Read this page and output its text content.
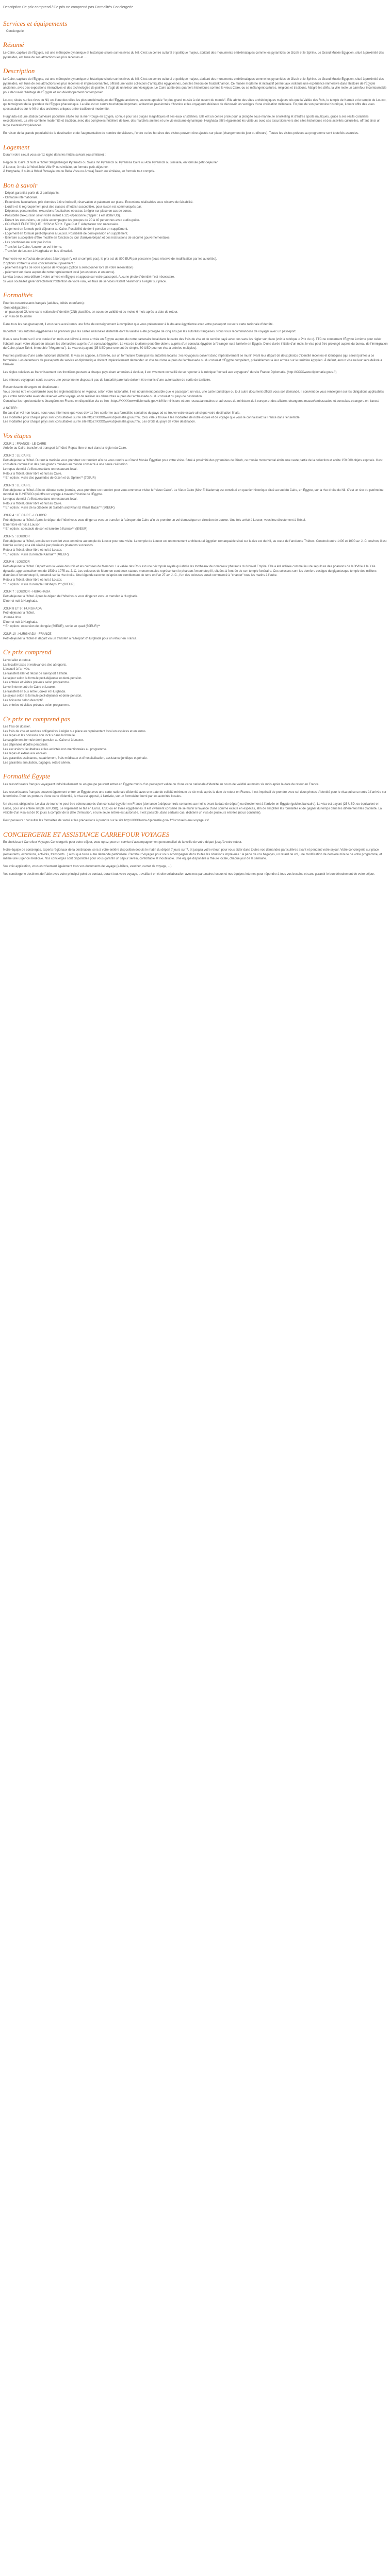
Description Ce prix comprend / Ce prix ne comprend pas Formalités Conciergerie
Services et équipements
Conciergerie
Résumé

Le Caire, capitale de l'Égypte, est une métropole dynamique et historique située sur les rives du Nil. C'est un centre culturel et politique majeur, abritant des monuments emblématiques comme les pyramides de Gizeh et le Sphinx. Le Grand Musée Égyptien, situé à proximité des pyramides, est l'une de ses attractions les plus récentes et ...

Description

Le Caire, capitale de l'Égypte, est une métropole dynamique et historique située sur les rives du Nil. C'est un centre culturel et politique majeur, abritant des monuments emblématiques comme les pyramides de Gizeh et le Sphinx. Le Grand Musée Égyptien, situé à proximité des pyramides, est l'une de ses attractions les plus récentes et impressionnantes, offrant une vaste collection d'antiquités égyptiennes, dont les trésors de Toutankhamon. Ce musée moderne et interactif permet aux visiteurs une expérience immersive dans l'histoire de l'Égypte ancienne, avec des expositions interactives et des technologies de pointe. Il s'agit de un trésor archéologique. Le Caire abrite des quartiers historiques comme le vieux Caire, ou se mélangent cultures, religions et traditions. Malgré les défis, la ville reste un carrefour incontournable pour découvrir l'héritage de l'Égypte et son développement contemporain.

Louxor, située sur les rives du Nil, est l'une des villes les plus emblématiques de l'Égypte ancienne, souvent appelée "le plus grand musée à ciel ouvert du monde". Elle abrite des sites archéologiques majeurs tels que la Vallée des Rois, le temple de Karnak et le temple de Louxor, qui témoignent de la grandeur de l'Égypte pharaonique. La ville est un centre touristique important, attirant les passionnés d'histoire et les voyageurs désireux de découvrir les vestiges d'une civilisation millénaire. En plus de son patrimoine historique, Louxor offre des vues spectaculaires sur le Nil et des croisières uniques entre tradition et modernité.

Hurghada est une station balnéaire populaire située sur la mer Rouge en Égypte, connue pour ses plages magnifiques et ses eaux cristallines. Elle est un centre prisé pour la plongée sous-marine, le snorkeling et d'autres sports nautiques, grâce à ses récifs coralliens exceptionnels. La ville combine modernité et tradition, avec des complexes hôteliers de luxe, des marchés animés et une vie nocturne dynamique. Hurghada attire également les visiteurs avec ses excursions vers des sites historiques et des activités culturelles, offrant ainsi un large éventail d'expériences.

En raison de la grande popularité de la destination et de l'augmentation du nombre de visiteurs, l'ordre ou les horaires des visites peuvent être ajustés sur place (changement de jour ou d'heure). Toutes les visites prévues au programme sont toutefois assurées.

Logement

Durant votre circuit vous serez logés dans les hôtels suivant (ou similaire) :

Région du Caire, 3 nuits à l'hôtel Steigenberger Pyramids ou Swiss Inn Pyramids ou Pyramisa Caire ou Azal Pyramids ou similaire, en formule petit-déjeuner.
À Louxor, 3 nuits à l'hôtel Jolie Ville 5* ou similaire, en formule petit-déjeuner.
À Hurghada, 3 nuits à l'hôtel Rewayia Inn ou Bella Vista ou Amwaj Beach ou similaire, en formule tout compris.

Bon à savoir

- Départ garanti à partir de 2 participants.
- Climatisé internationale.
- Excursions facultatives, prix données à titre indicatif, réservation et paiement sur place. Excursions réalisables sous réserve de faisabilité.
- L'ordre et le regroupement peut des classes d'hotelsr susceptible, pour raison est communqués par.
- Dépenses personnelles, excursions facultatives et extras à régler sur place en cas de conso.
- Possibilité d'excursion selon votre intérêt à 125 €/personne (rappel : il est dollar US).
- Durant les excursions, un guide accompagne les groupes de 20 à 40 personnes avec audio-guide.
- COURANT ÉLECTRIQUE : 220V et 50Hz. Type C et F. Adaptateur non nécessaire.
- Logement en formule petit-déjeuner au Caire. Possibilité de demi-pension en supplément.
- Logement en formule petit-déjeuner à Louxor. Possibilité de demi-pension en supplément.
- Itinéraire susceptible d'être modifié en fonction du jour d'arrivée/départ et des instructions de sécurité gouvernementales.
- Les pourboires ne sont pas inclus.
- Transfert Le Caire / Louxor en vol interne.
- Transfert de Louxor à Hurghada en bus climatisé.

Pour votre vol et l'achat de services à bord (qui n'y est ci-compris pas), le prix est de 800 EUR par personne (sous réserve de modification par les autorités).
2 options s'offrent à vous concernant leur paiement :
- paiement auprès de votre agence de voyages (option à sélectionner lors de votre réservation)
- paiement sur place auprès de notre représentant local (en espèces et en euros).
Le visa à vous sera délivré à votre arrivée en Égypte et apposé sur votre passeport. Aucune photo d'identité n'est nécessaire.
Si vous souhaitez gérer directement l'obtention de votre visa, les frais de services restent néanmoins à régler sur place.

Formalités

Pour les ressortissants français (adultes, bébés et enfants) :
-Sont obligatoires :
- un passeport OU une carte nationale d'identité (CNI) plastifiée, en cours de validité et ou moins 6 mois après la date de retour.
- un visa de tourisme

Dans tous les cas (passeport, il vous sera aussi remis une fiche de renseignement à compléter que vous présenterez à la douane égyptienne avec votre passeport ou votre carte nationale d'identité.

Important : les autorités égyptiennes ne prennent pas les cartes nationales d'identité dont la validité a été prorogée de cinq ans par les autorités françaises. Nous vous recommandons de voyager avec un passeport.

Il vous sera fourni sur il une durée d'un mois est délivré à votre arrivée en Égypte auprès du notre partenaire local dans le cadre des frais du visa et de service payé avec des sans les régler sur place (voir la rubrique « Prix du »). TTC ne concernent l'Égypte à même pour celuir l'obtenir avant votre départ en laissant les démarches auprès d'un consulat égyptien. Le visa de tourisme peut être obtenu auprès d'un consulat égyptien à l'étranger ou à l'arrivée en Égypte. D'une durée initiale d'un mois, le visa peut être prolongé auprès du bureau de l'immigration du Caire, place Tahrir, immeuble "Mogamma"). Le visa est payant (25 USD pour une entrée simple, 60 USD pour un visa à entrées multiples).

Pour les porteurs d'une carte nationale d'identité, le visa se appose, à l'arrivée, sur un formulaire fourni par les autorités locales : les voyageurs doivent donc impérativement se munir avant leur départ de deux photos d'identité récentes et identiques (qui seront jointes à ce formulaire. Les détenteurs de passeports de service et diplomatique doivent impérativement demander un visa tourisme auprès de l'ambassade ou du consulat d'Égypte compétent, préalablement à leur arrivée sur le territoire égyptien. À défaut, aucun visa ne leur sera délivré à l'arrivée.

Les règles relatives au franchissement des frontières peuvent à chaque pays étant amenées à évoluer, il est vivement conseillé de se reporter à la rubrique "conseil aux voyageurs" du site France Diplomatie. (http://XXXXwww.diplomatie.gouv.fr)

Les mineurs voyageant seuls ou avec une personne ne disposant pas de l'autorité parentale doivent être munis d'une autorisation de sortie de territoire.

Ressortissants étrangers et binationaux :
Vous devrez être en conformité avec les réglementations en vigueur, selon votre nationalité. Il est notamment possible que le passeport, un visa, une carte touristique ou tout autre document officiel vous soit demandé. Il convient de vous renseigner sur les obligations applicables pour votre nationalité avant de réserver votre voyage, et de réaliser les démarches auprès de l'ambassade ou du consulat du pays de destination.
Consultez les représentations étrangères en France en disposition via ce lien : https://XXXXwww.diplomatie.gouv.fr/fr/le-ministere-et-son-reseau/annuaires-et-adresses-du-ministere-de-l-europe-et-des-affaires-etrangeres-maeae/ambassades-et-consulats-etrangers-en-france/

A NOTER :
En cas d'un vol non-locale, nous vous informons que vous devrez être conforme aux formalités sanitaires du pays où se trouve votre escale ainsi que votre destination finale.
Les modalités pour chaque pays sont consultables sur le site https://XXXXwww.diplomatie.gouv.fr/fr/. Ceci valeur trouve à les modalités de notre escale et de voyage que vous le connaissiez la France dans l'ensemble.
Les modalités pour chaque pays sont consultables sur le site https://XXXXwww.diplomatie.gouv.fr/fr/. Les droits du pays de votre destination.

Vos étapes

JOUR 1 : FRANCE - LE CAIRE
Arrivée au Caire, transfert et transport à l'hôtel. Repas libre et nuit dans la région du Caire.

JOUR 2 : LE CAIRE
Petit-déjeuner à l'hôtel. Durant la matinée vous prendrez un transfert afin de vous rendre au Grand Musée Égyptien pour votre visite. Situé à proximité des pyramides de Gizeh, ce musée monumental abrite une vaste partie de la collection et abrite 150 000 objets exposés. Il est considéré comme l'un des plus grands musées au monde consacré à une seule civilisation.
Le repas du midi s'effectuera dans un restaurant local.
Retour à l'hôtel, dîner libre et nuit au Caire.
**En option : visite des pyramides de Gizeh et du Sphinx** (70EUR)

JOUR 3 : LE CAIRE
Petit-déjeuner à l'hôtel. Afin de débuter cette journée, vous prendrez un transfert pour vous emmener visiter le "vieux Caire". Le Vieux Caire (Misr El Kadema) est constitué en quartier historique situé au sud du Caire, en Égypte, sur la rive droite du Nil. C'est un site du patrimoine mondial de l'UNESCO qui offre un voyage à travers l'histoire de l'Égypte.
Le repas du midi s'effectuera dans un restaurant local.
Retour à l'hôtel, dîner libre et nuit au Caire.
**En option : visite de la citadelle de Saladin and Khan El Khalili Bazar** (60EUR)

JOUR 4 : LE CAIRE - LOUXOR
Petit-déjeuner à l'hôtel. Après le départ de l'hôtel vous vous dirigerez vers un transfert à l'aéroport du Caire afin de prendre un vol domestique en direction de Louxor. Une fois arrivé à Louxor, vous irez directement à l'hôtel.
Dîner libre et nuit à Louxor.
**En option : spectacle de son et lumière à Karnak** (50EUR)

JOUR 5 : LOUXOR
Petit-déjeuner à l'hôtel, ensuite un transfert vous emmène au temple de Louxor pour une visite. Le temple de Louxor est un monument architectural égyptien remarquable situé sur la rive est du Nil, au cœur de l'ancienne Thèbes. Construit entre 1400 et 1000 av. J.-C. environ, il est l'entrée au long et a été réalisé par plusieurs pharaons successifs.
Retour à l'hôtel, dîner libre et nuit à Louxor.
**En option : visite du temple Karnak** (40EUR)

JOUR 6 : LOUXOR
Petit-déjeuner à l'hôtel. Départ vers la vallée des rois et les colosses de Memnon. La vallée des Rois est une nécropole royale qui abrite les tombeaux de nombreux pharaons du Nouvel Empire. Elle a été utilisée comme lieu de sépulture des pharaons de la XVIIIe à la XXe dynastie, approximativement de 1539 à 1075 av. J.-C. Les colosses de Memnon sont deux statues monumentales représentant le pharaon Amenhotep III, situées à l'entrée de son temple funéraire. Ces colosses sont les derniers vestiges du gigantesque temple des millions d'années d'Amenhotep III, construit sur la rive droite. Une légende raconte qu'après un tremblement de terre en l'an 27 av. J.-C., l'un des colosses aurait commencé à "chanter" tous les matins à l'aube.
Retour à l'hôtel, dîner libre et nuit à Louxor.
**En option : visite du temple Hatshepsut** (30EUR)

JOUR 7 : LOUXOR - HURGHADA
Petit-déjeuner à l'hôtel. Après le départ de l'hôtel vous vous dirigerez vers un transfert à Hurghada.
Dîner et nuit à Hurghada.

JOUR 8 ET 9 : HURGHADA
Petit-déjeuner à l'hôtel.
Journée libre.
Dîner et nuit à Hurghada.
**En option : excursion de plongée (60EUR), sortie en quad (50EUR)**

JOUR 10 : HURGHADA - FRANCE
Petit-déjeuner à l'hôtel et départ via un transfert à l'aéroport d'Hurghada pour un retour en France.

Ce prix comprend

Le vol aller et retour.
La fiscalité taxes et redevances des aéroports.
L'accueil à l'arrivée.
Le transfert aller et retour de l'aéroport à l'hôtel.
Le séjour selon la formule petit-déjeuner et demi-pension.
Les entrées et visites prévues selon programme.
Le vol interne entre le Caire et Louxor.
Le transfert en bus entre Louxor et Hurghada.
Le séjour selon la formule petit-déjeuner et demi-pension.
Les boissons selon descriptif.
Les entrées et visites prévues selon programme.

Ce prix ne comprend pas

Les frais de dossier.
Les frais de visa et services obligatoires à régler sur place au représentant local en espèces et en euros.
Les repas et les boissons non inclus dans la formule.
Le supplément formule demi-pension au Caire et à Louxor.
Les dépenses d'ordre personnel.
Les excursions facultatives et les activités non mentionnées au programme.
Les repas et extras aux escales.
Les garanties assistance, rapatriement, frais médicaux et d'hospitalisation, assistance juridique et pénale.
Les garanties annulation, bagages, retard aérien.

Formalité Égypte

Les ressortissants français voyageant individuellement ou en groupe peuvent entrer en Égypte munis d'un passeport valide ou d'une carte nationale d'identité en cours de validité au moins six mois après la date de retour en France.

Les ressortissants français peuvent également entrer en Égypte avec une carte nationale d'identité avec une date de validité minimum de six mois après la date de retour en France. Il est impératif de prendre avec soi deux photos d'identité pour le visa qui sera remis à l'arrivée sur le territoire. Pour les porteurs d'une carte d'identité, le visa est apposé, à l'arrivée, sur un formulaire fourni par les autorités locales.

Un visa est obligatoire. Le visa de tourisme peut être obtenu auprès d'un consulat égyptien en France (demande à déposer trois semaines au moins avant la date de départ) ou directement à l'arrivée en Égypte (guichet bancaire). Le visa est payant (25 USD, ou équivalent en Euros, pour une entrée simple, 60 USD). Le règlement se fait en Euros, USD ou en livres égyptiennes. Il est vivement conseillé de se munir à l'avance d'une somme exacte en espèces, afin de simplifier les formalités et de gagner du temps dans les différentes files d'attente. La validité d'un visa est de 90 jours à compter de la date d'émission, et une seule entrée est autorisée. Il est possible, dans certains cas, d'obtenir un visa de plusieurs entrées (nous consulter).

Pour passeurs : consulter les formalités de santé et les précautions à prendre sur le site http://XXXXwww.diplomatie.gouv.fr/fr/conseils-aux-voyageurs/

CONCIERGERIE ET ASSISTANCE CARREFOUR VOYAGES

En choisissant Carrefour Voyages Conciergerie pour votre séjour, vous optez pour un service d'accompagnement personnalisé de la veille de votre départ jusqu'à votre retour.

Notre équipe de concierges, experts régionaux de la destination, sera à votre entière disposition depuis le matin du départ 7 jours sur 7, et jusqu'à votre retour, pour vous aider dans toutes vos demandes particulières avant et pendant votre séjour. Votre conciergerie sur place (restaurants, excursions, activités, transports...) ainsi que toute autre demande particulière. Carrefour Voyages pour vous accompagner dans toutes les situations imprévues : la perte de vos bagages, un retard de vol, une modification de dernière minute de votre programme, et même une urgence médicale. Nos concierges sont disponibles pour vous garantir un séjour serein, confortable et inoubliable. Une équipe disponible à l'heure locale, chaque jour de la semaine.

Vos voix application, vous est vivement également tous vos documents de voyage (e-billets, vaucher, carnet de voyage, ...)

Vos conciergerie destinent de l'aide avec votre principal point de contact, durant tout votre voyage, travaillant en étroite collaboration avec nos partenaires locaux et nos équipes internes pour répondre à tous vos besoins et sans garantir le bon déroulement de votre séjour.
